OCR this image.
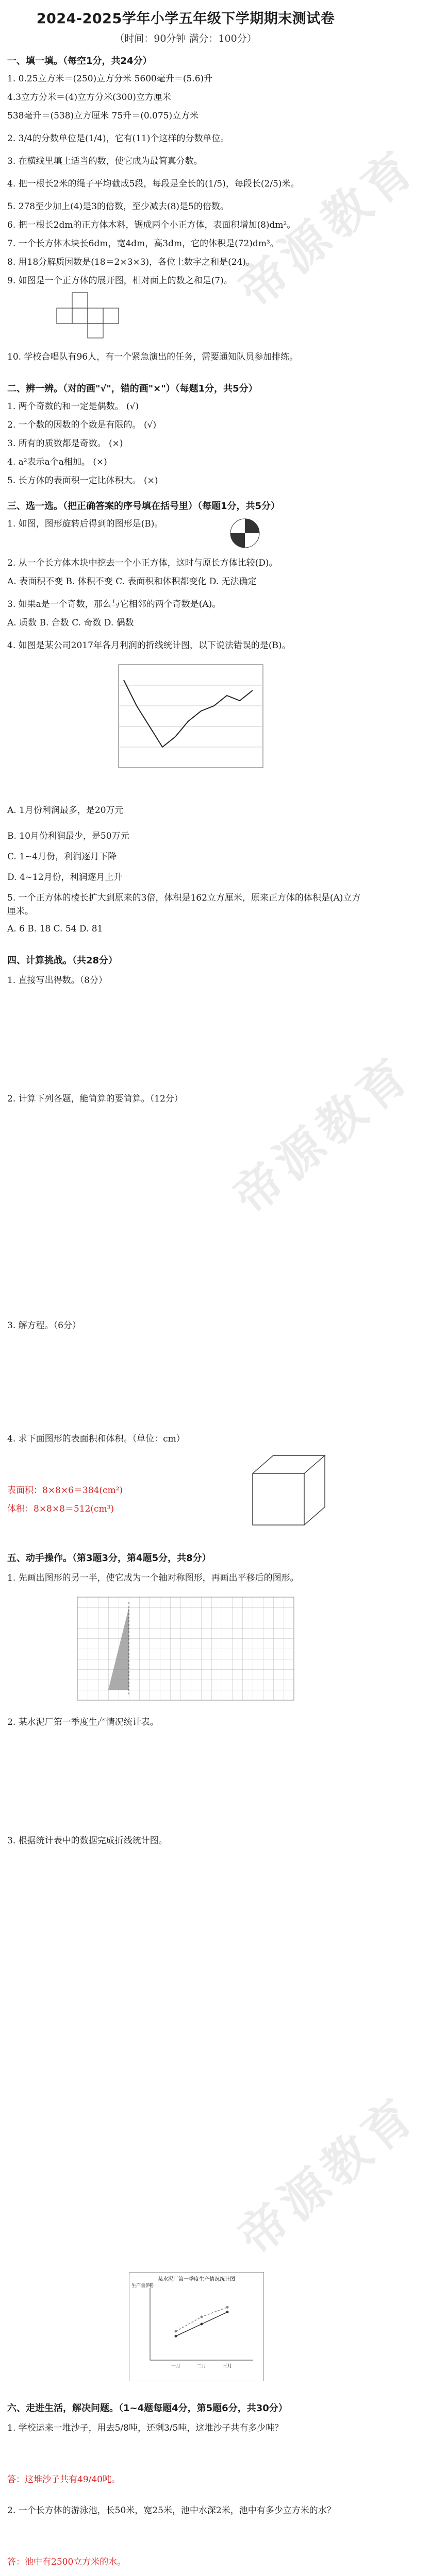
2024-2025学年小学五年级下学期期末测试卷
（时间：90分钟 满分：100分）
帝源教育
帝源教育
帝源教育
一、填一填。（每空1分，共24分）
1. 0.25立方米＝(250)立方分米 5600毫升＝(5.6)升
4.3立方分米＝(4)立方分米(300)立方厘米
538毫升＝(538)立方厘米 75升＝(0.075)立方米
2. 3/4的分数单位是(1/4)，它有(11)个这样的分数单位。
3. 在横线里填上适当的数，使它成为最简真分数。
4. 把一根长2米的绳子平均截成5段，每段是全长的(1/5)，每段长(2/5)米。
5. 278至少加上(4)是3的倍数，至少减去(8)是5的倍数。
6. 把一根长2dm的正方体木料，锯成两个小正方体，表面积增加(8)dm²。
7. 一个长方体木块长6dm，宽4dm，高3dm，它的体积是(72)dm³。
8. 用18分解质因数是(18＝2×3×3)，各位上数字之和是(24)。
9. 如图是一个正方体的展开图，相对面上的数之和是(7)。
10. 学校合唱队有96人，有一个紧急演出的任务，需要通知队员参加排练。
二、辨一辨。（对的画"√"，错的画"×"）（每题1分，共5分）
1. 两个奇数的和一定是偶数。 (√)
2. 一个数的因数的个数是有限的。 (√)
3. 所有的质数都是奇数。 (×)
4. a²表示a个a相加。 (×)
5. 长方体的表面积一定比体积大。 (×)
三、选一选。（把正确答案的序号填在括号里）（每题1分，共5分）
1. 如图，图形旋转后得到的图形是(B)。
2. 从一个长方体木块中挖去一个小正方体，这时与原长方体比较(D)。
A. 表面积不变 B. 体积不变 C. 表面积和体积都变化 D. 无法确定
3. 如果a是一个奇数，那么与它相邻的两个奇数是(A)。
A. 质数 B. 合数 C. 奇数 D. 偶数
4. 如图是某公司2017年各月利润的折线统计图，以下说法错误的是(B)。
A. 1月份利润最多，是20万元
B. 10月份利润最少，是50万元
C. 1~4月份，利润逐月下降
D. 4~12月份，利润逐月上升
5. 一个正方体的棱长扩大到原来的3倍，体积是162立方厘米，原来正方体的体积是(A)立方厘米。
A. 6 B. 18 C. 54 D. 81
四、计算挑战。（共28分）
1. 直接写出得数。（8分）
2. 计算下列各题，能简算的要简算。（12分）
3. 解方程。（6分）
4. 求下面图形的表面积和体积。（单位：cm）
表面积：8×8×6＝384(cm²)
体积：8×8×8＝512(cm³)
五、动手操作。（第3题3分，第4题5分，共8分）
1. 先画出图形的另一半，使它成为一个轴对称图形，再画出平移后的图形。
2. 某水泥厂第一季度生产情况统计表。
3. 根据统计表中的数据完成折线统计图。
某水泥厂第一季度生产情况统计图
生产量(吨)
一月	二月	三月
六、走进生活，解决问题。（1~4题每题4分，第5题6分，共30分）
1. 学校运来一堆沙子，用去5/8吨，还剩3/5吨，这堆沙子共有多少吨？
答：这堆沙子共有49/40吨。
2. 一个长方体的游泳池，长50米，宽25米，池中水深2米，池中有多少立方米的水？
答：池中有2500立方米的水。
